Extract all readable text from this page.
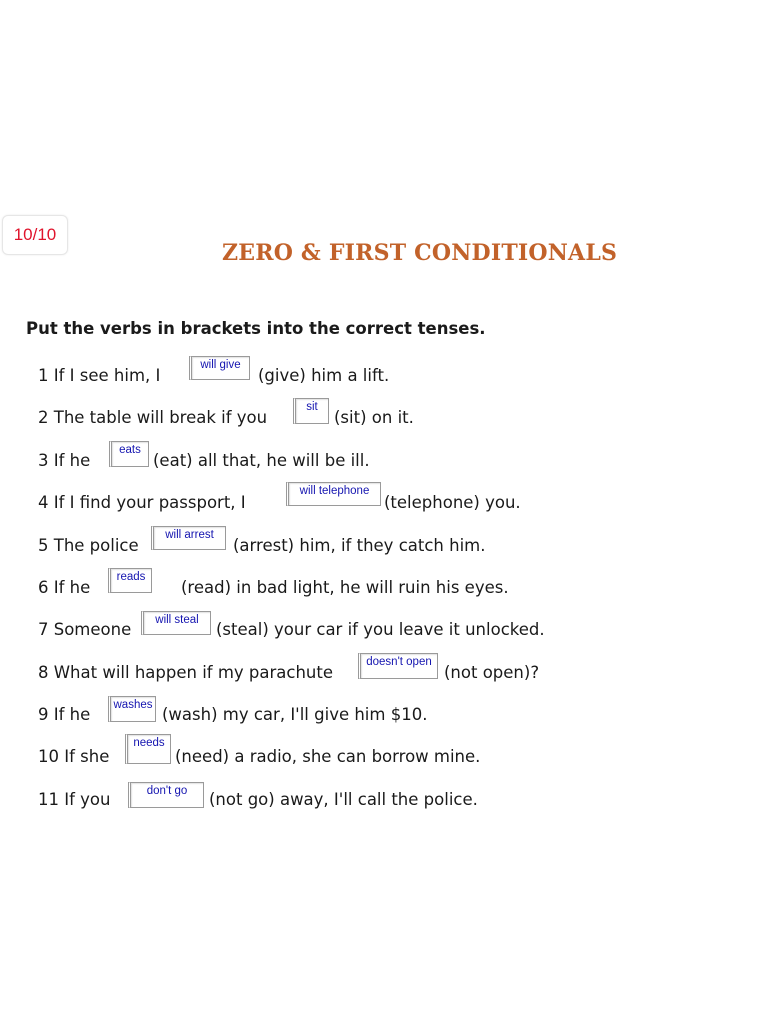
10/10
ZERO & FIRST CONDITIONALS
Put the verbs in brackets into the correct tenses.
1 If I see him, I
will give
(give) him a lift.
2 The table will break if you
sit
(sit) on it.
3 If he
eats
(eat) all that, he will be ill.
4 If I find your passport, I
will telephone
(telephone) you.
5 The police
will arrest
(arrest) him, if they catch him.
6 If he
reads
(read) in bad light, he will ruin his eyes.
7 Someone	will steal	(steal) your car if you leave it unlocked.
8 What will happen if my parachute
doesn't open
(not open)?
9 If he	washes (wash) my car, I'll give him $10.
10 If she
needs
(need) a radio, she can borrow mine.
11 If you	don't go	(not go) away, I'll call the police.
